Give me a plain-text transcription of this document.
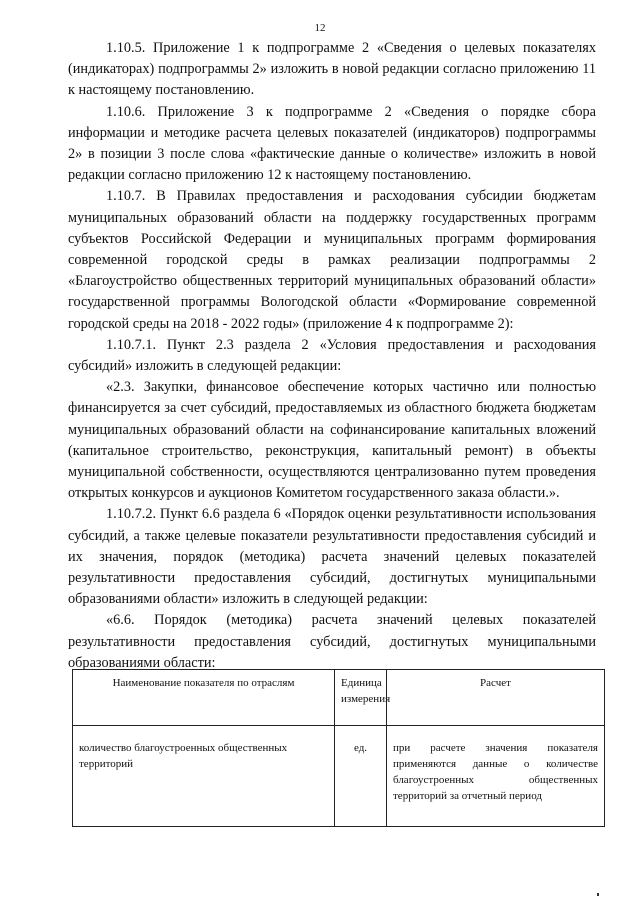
12

1.10.5. Приложение 1 к подпрограмме 2 «Сведения о целевых показателях (индикаторах) подпрограммы 2» изложить в новой редакции согласно приложению 11 к настоящему постановлению.

1.10.6. Приложение 3 к подпрограмме 2 «Сведения о порядке сбора информации и методике расчета целевых показателей (индикаторов) подпрограммы 2» в позиции 3 после слова «фактические данные о количестве» изложить в новой редакции согласно приложению 12 к настоящему постановлению.

1.10.7. В Правилах предоставления и расходования субсидии бюджетам муниципальных образований области на поддержку государственных программ субъектов Российской Федерации и муниципальных программ формирования современной городской среды в рамках реализации подпрограммы 2 «Благоустройство общественных территорий муниципальных образований области» государственной программы Вологодской области «Формирование современной городской среды на 2018 - 2022 годы» (приложение 4 к подпрограмме 2):

1.10.7.1. Пункт 2.3 раздела 2 «Условия предоставления и расходования субсидий» изложить в следующей редакции:

«2.3. Закупки, финансовое обеспечение которых частично или полностью финансируется за счет субсидий, предоставляемых из областного бюджета бюджетам муниципальных образований области на софинансирование капитальных вложений (капитальное строительство, реконструкция, капитальный ремонт) в объекты муниципальной собственности, осуществляются централизованно путем проведения открытых конкурсов и аукционов Комитетом государственного заказа области.».

1.10.7.2. Пункт 6.6 раздела 6 «Порядок оценки результативности использования субсидий, а также целевые показатели результативности предоставления субсидий и их значения, порядок (методика) расчета значений целевых показателей результативности предоставления субсидий, достигнутых муниципальными образованиями области» изложить в следующей редакции:

«6.6. Порядок (методика) расчета значений целевых показателей результативности предоставления субсидий, достигнутых муниципальными образованиями области:

Наименование показателя по отраслям	Единица измерения	Расчет
количество благоустроенных общественных территорий	ед.	при расчете значения показателя применяются данные о количестве благоустроенных общественных территорий за отчетный период
